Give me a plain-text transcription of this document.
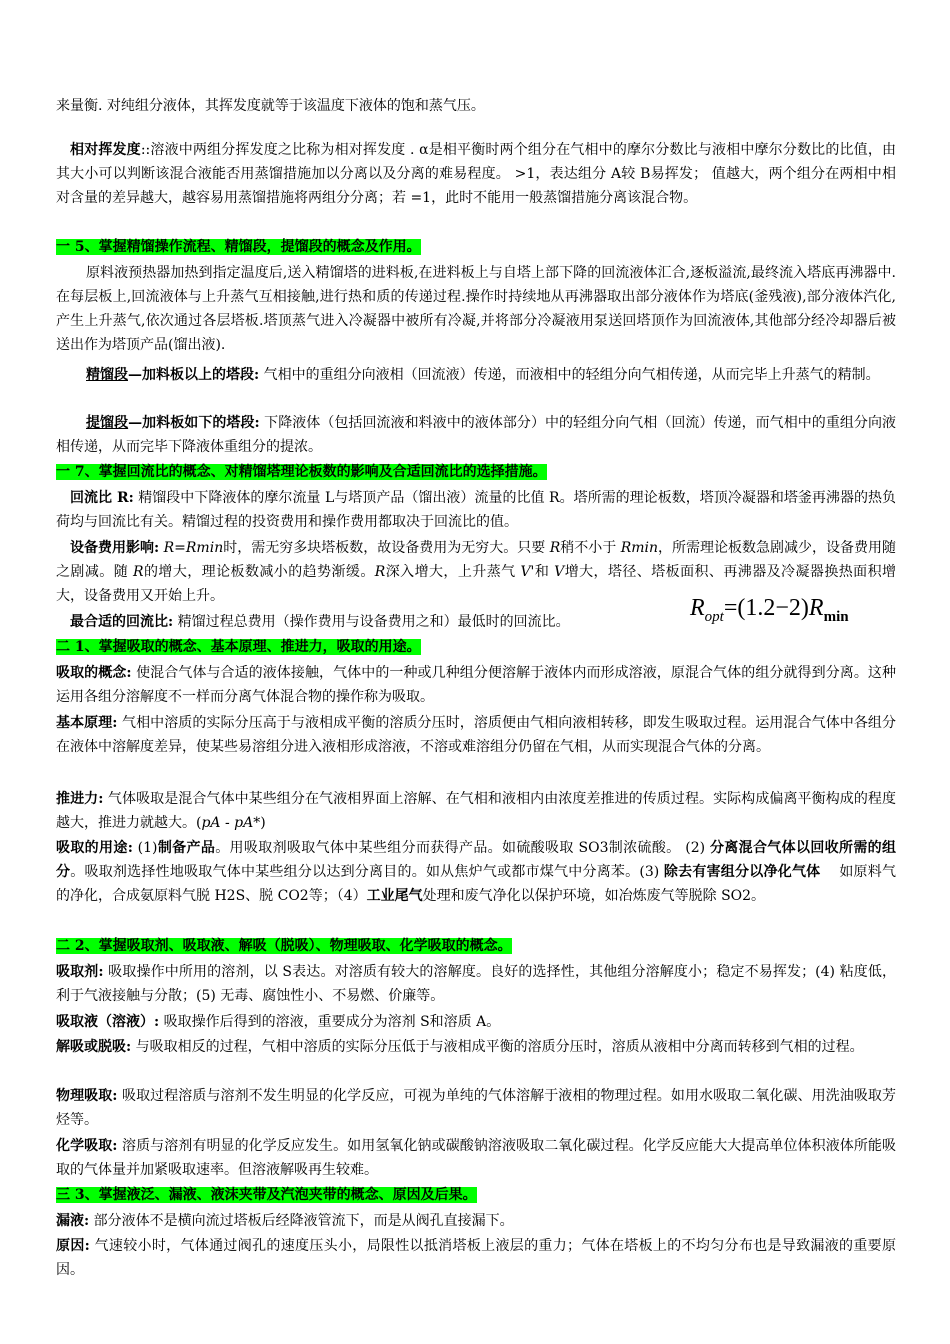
来量衡. 对纯组分液体，其挥发度就等于该温度下液体的饱和蒸气压。

相对挥发度::溶液中两组分挥发度之比称为相对挥发度 . α是相平衡时两个组分在气相中的摩尔分数比与液相中摩尔分数比的比值，由其大小可以判断该混合液能否用蒸馏措施加以分离以及分离的难易程度。 >1，表达组分 A较 B易挥发； 值越大，两个组分在两相中相对含量的差异越大，越容易用蒸馏措施将两组分分离；若 =1，此时不能用一般蒸馏措施分离该混合物。

一 5、掌握精馏操作流程、精馏段，提馏段的概念及作用。

原料液预热器加热到指定温度后,送入精馏塔的进料板,在进料板上与自塔上部下降的回流液体汇合,逐板溢流,最终流入塔底再沸器中.在每层板上,回流液体与上升蒸气互相接触,进行热和质的传递过程.操作时持续地从再沸器取出部分液体作为塔底(釜残液),部分液体汽化,产生上升蒸气,依次通过各层塔板.塔顶蒸气进入冷凝器中被所有冷凝,并将部分冷凝液用泵送回塔顶作为回流液体,其他部分经冷却器后被送出作为塔顶产品(馏出液).

精馏段—加料板以上的塔段: 气相中的重组分向液相（回流液）传递，而液相中的轻组分向气相传递，从而完毕上升蒸气的精制。

提馏段—加料板如下的塔段: 下降液体（包括回流液和料液中的液体部分）中的轻组分向气相（回流）传递，而气相中的重组分向液相传递，从而完毕下降液体重组分的提浓。

一 7、掌握回流比的概念、对精馏塔理论板数的影响及合适回流比的选择措施。

回流比 R: 精馏段中下降液体的摩尔流量 L与塔顶产品（馏出液）流量的比值 R。塔所需的理论板数，塔顶冷凝器和塔釜再沸器的热负荷均与回流比有关。精馏过程的投资费用和操作费用都取决于回流比的值。

设备费用影响: R=Rmin时，需无穷多块塔板数，故设备费用为无穷大。只要 R稍不小于 Rmin，所需理论板数急剧减少，设备费用随之剧减。随 R的增大，理论板数减小的趋势渐缓。R深入增大，上升蒸气 V'和 V增大，塔径、塔板面积、再沸器及冷凝器换热面积增大，设备费用又开始上升。

最合适的回流比: 精馏过程总费用（操作费用与设备费用之和）最低时的回流比。

$R_{opt}=(1.2-2)R_{min}$

二 1、掌握吸取的概念、基本原理、推进力，吸取的用途。

吸取的概念: 使混合气体与合适的液体接触，气体中的一种或几种组分便溶解于液体内而形成溶液，原混合气体的组分就得到分离。这种运用各组分溶解度不一样而分离气体混合物的操作称为吸取。

基本原理: 气相中溶质的实际分压高于与液相成平衡的溶质分压时，溶质便由气相向液相转移，即发生吸取过程。运用混合气体中各组分在液体中溶解度差异，使某些易溶组分进入液相形成溶液，不溶或难溶组分仍留在气相，从而实现混合气体的分离。

推进力: 气体吸取是混合气体中某些组分在气液相界面上溶解、在气相和液相内由浓度差推进的传质过程。实际构成偏离平衡构成的程度越大，推进力就越大。(pA - pA*)

吸取的用途: (1)制备产品。用吸取剂吸取气体中某些组分而获得产品。如硫酸吸取 SO3制浓硫酸。 (2) 分离混合气体以回收所需的组分。吸取剂选择性地吸取气体中某些组分以达到分离目的。如从焦炉气或都市煤气中分离苯。(3) 除去有害组分以净化气体　 如原料气的净化，合成氨原料气脱 H2S、脱 CO2等；（4）工业尾气处理和废气净化以保护环境，如冶炼废气等脱除 SO2。

二 2、掌握吸取剂、吸取液、解吸（脱吸）、物理吸取、化学吸取的概念。

吸取剂: 吸取操作中所用的溶剂，以 S表达。对溶质有较大的溶解度。良好的选择性，其他组分溶解度小；稳定不易挥发；(4) 粘度低，利于气液接触与分散；(5) 无毒、腐蚀性小、不易燃、价廉等。

吸取液（溶液）: 吸取操作后得到的溶液，重要成分为溶剂 S和溶质 A。

解吸或脱吸: 与吸取相反的过程，气相中溶质的实际分压低于与液相成平衡的溶质分压时，溶质从液相中分离而转移到气相的过程。

物理吸取: 吸取过程溶质与溶剂不发生明显的化学反应，可视为单纯的气体溶解于液相的物理过程。如用水吸取二氧化碳、用洗油吸取芳烃等。

化学吸取: 溶质与溶剂有明显的化学反应发生。如用氢氧化钠或碳酸钠溶液吸取二氧化碳过程。化学反应能大大提高单位体积液体所能吸取的气体量并加紧吸取速率。但溶液解吸再生较难。

三 3、掌握液泛、漏液、液沫夹带及汽泡夹带的概念、原因及后果。

漏液: 部分液体不是横向流过塔板后经降液管流下，而是从阀孔直接漏下。

原因: 气速较小时，气体通过阀孔的速度压头小，局限性以抵消塔板上液层的重力；气体在塔板上的不均匀分布也是导致漏液的重要原因。
